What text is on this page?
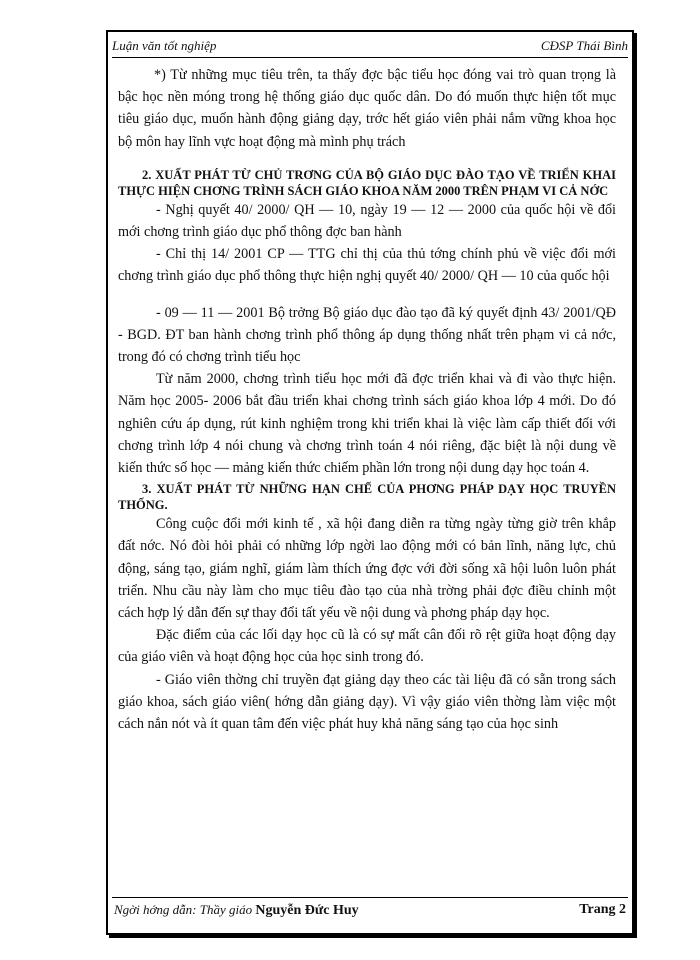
Luận văn tốt nghiệp	CĐSP Thái Bình

*) Từ những mục tiêu trên, ta thấy đợc bậc tiểu học đóng vai trò quan trọng là bậc học nền móng trong hệ thống giáo dục quốc dân. Do đó muốn thực hiện tốt mục tiêu giáo dục, muốn hành động giảng dạy, trớc hết giáo viên phải nắm vững khoa học bộ môn hay lĩnh vực hoạt động mà mình phụ trách

2. XUẤT PHÁT TỪ CHỦ TRƠNG CỦA BỘ GIÁO DỤC ĐÀO TẠO VỀ TRIỂN KHAI THỰC HIỆN CHƠNG TRÌNH SÁCH GIÁO KHOA NĂM 2000 TRÊN PHẠM VI CẢ NỚC

- Nghị quyết 40/ 2000/ QH — 10, ngày 19 — 12 — 2000 của quốc hội về đổi mới chơng trình giáo dục phổ thông đợc ban hành

- Chỉ thị 14/ 2001 CP — TTG chỉ thị của thủ tớng chính phủ về việc đổi mới chơng trình giáo dục phổ thông thực hiện nghị quyết 40/ 2000/ QH — 10 của quốc hội

- 09 — 11 — 2001 Bộ trởng Bộ giáo dục đào tạo đã ký quyết định 43/ 2001/QĐ - BGD. ĐT ban hành chơng trình phổ thông áp dụng thống nhất trên phạm vi cả nớc, trong đó có chơng trình tiểu học

Từ năm 2000, chơng trình tiểu học mới đã đợc triển khai và đi vào thực hiện. Năm học 2005- 2006 bắt đầu triển khai chơng trình sách giáo khoa lớp 4 mới. Do đó nghiên cứu áp dụng, rút kinh nghiệm trong khi triển khai là việc làm cấp thiết đối với chơng trình lớp 4 nói chung và chơng trình toán 4 nói riêng, đặc biệt là nội dung về kiến thức số học — mảng kiến thức chiếm phần lớn trong nội dung dạy học toán 4.

3. XUẤT PHÁT TỪ NHỮNG HẠN CHẾ CỦA PHƠNG PHÁP DẠY HỌC TRUYỀN THỐNG.

Công cuộc đổi mới kinh tế , xã hội đang diễn ra từng ngày từng giờ trên khắp đất nớc. Nó đòi hỏi phải có những lớp ngời lao động mới có bản lĩnh, năng lực, chủ động, sáng tạo, giám nghĩ, giám làm thích ứng đợc với đời sống xã hội luôn luôn phát triển. Nhu cầu này làm cho mục tiêu đào tạo của nhà trờng phải đợc điều chỉnh một cách hợp lý dẫn đến sự thay đổi tất yếu về nội dung và phơng pháp dạy học.

Đặc điểm của các lối dạy học cũ là có sự mất cân đối rõ rệt giữa hoạt động dạy của giáo viên và hoạt động học của học sinh trong đó.

- Giáo viên thờng chỉ truyền đạt giảng dạy theo các tài liệu đã có sẵn trong sách giáo khoa, sách giáo viên( hớng dẫn giảng dạy). Vì vậy giáo viên thờng làm việc một cách nắn nót và ít quan tâm đến việc phát huy khả năng sáng tạo của học sinh

Ngời hớng dẫn: Thầy giáo Nguyễn Đức Huy	Trang 2
